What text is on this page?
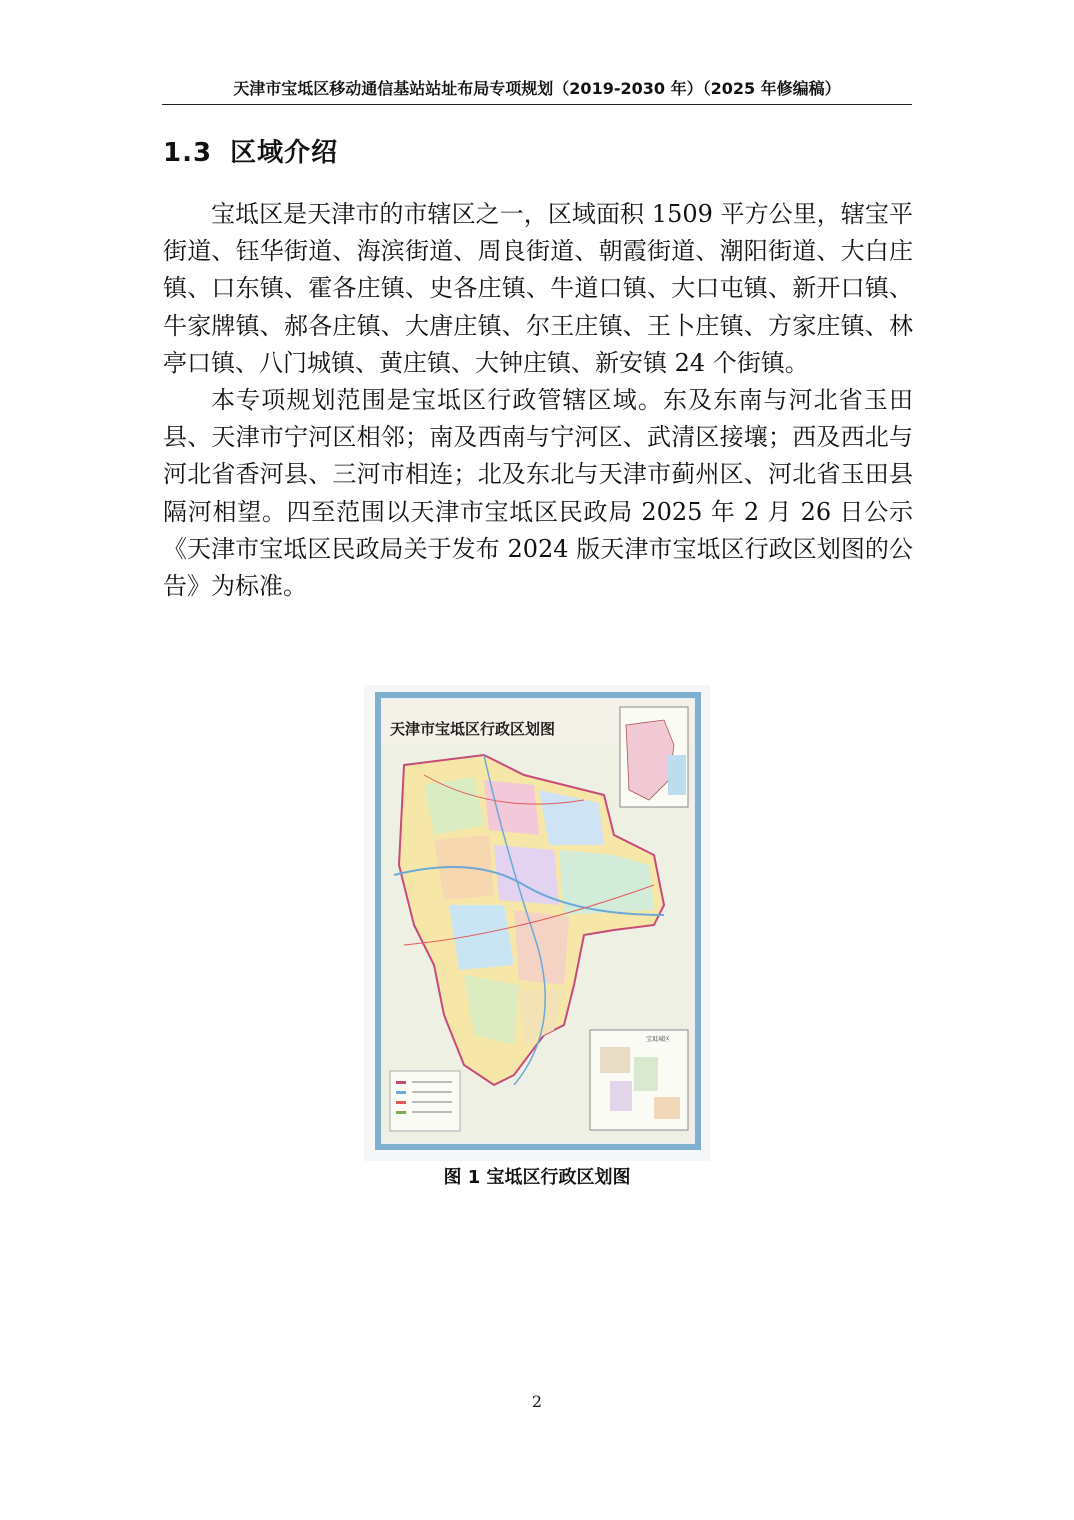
天津市宝坻区移动通信基站站址布局专项规划（2019-2030 年）（2025 年修编稿）
1.3 区域介绍

宝坻区是天津市的市辖区之一，区域面积 1509 平方公里，辖宝平街道、钰华街道、海滨街道、周良街道、朝霞街道、潮阳街道、大白庄镇、口东镇、霍各庄镇、史各庄镇、牛道口镇、大口屯镇、新开口镇、牛家牌镇、郝各庄镇、大唐庄镇、尔王庄镇、王卜庄镇、方家庄镇、林亭口镇、八门城镇、黄庄镇、大钟庄镇、新安镇 24 个街镇。

本专项规划范围是宝坻区行政管辖区域。东及东南与河北省玉田县、天津市宁河区相邻；南及西南与宁河区、武清区接壤；西及西北与河北省香河县、三河市相连；北及东北与天津市蓟州区、河北省玉田县隔河相望。四至范围以天津市宝坻区民政局 2025 年 2 月 26 日公示《天津市宝坻区民政局关于发布 2024 版天津市宝坻区行政区划图的公告》为标准。

天津市宝坻区行政区划图
宝坻城区
图 1 宝坻区行政区划图
2
